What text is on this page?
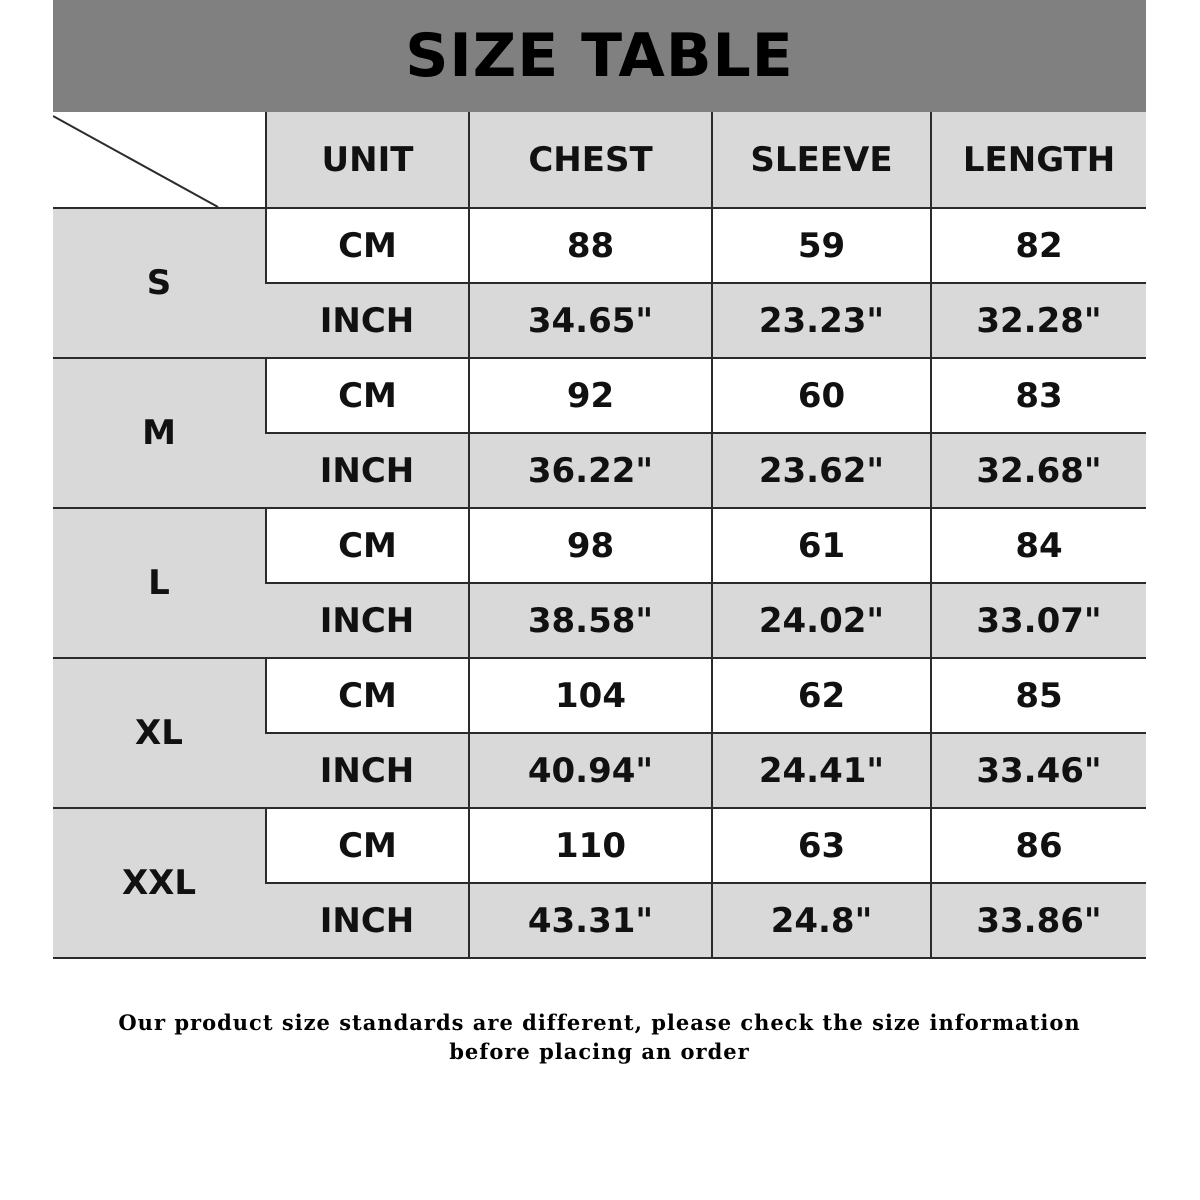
SIZE TABLE
	UNIT	CHEST	SLEEVE	LENGTH
S	CM	88	59	82
	INCH	34.65"	23.23"	32.28"
M	CM	92	60	83
	INCH	36.22"	23.62"	32.68"
L	CM	98	61	84
	INCH	38.58"	24.02"	33.07"
XL	CM	104	62	85
	INCH	40.94"	24.41"	33.46"
XXL	CM	110	63	86
	INCH	43.31"	24.8"	33.86"
Our product size standards are different, please check the size information
before placing an order
